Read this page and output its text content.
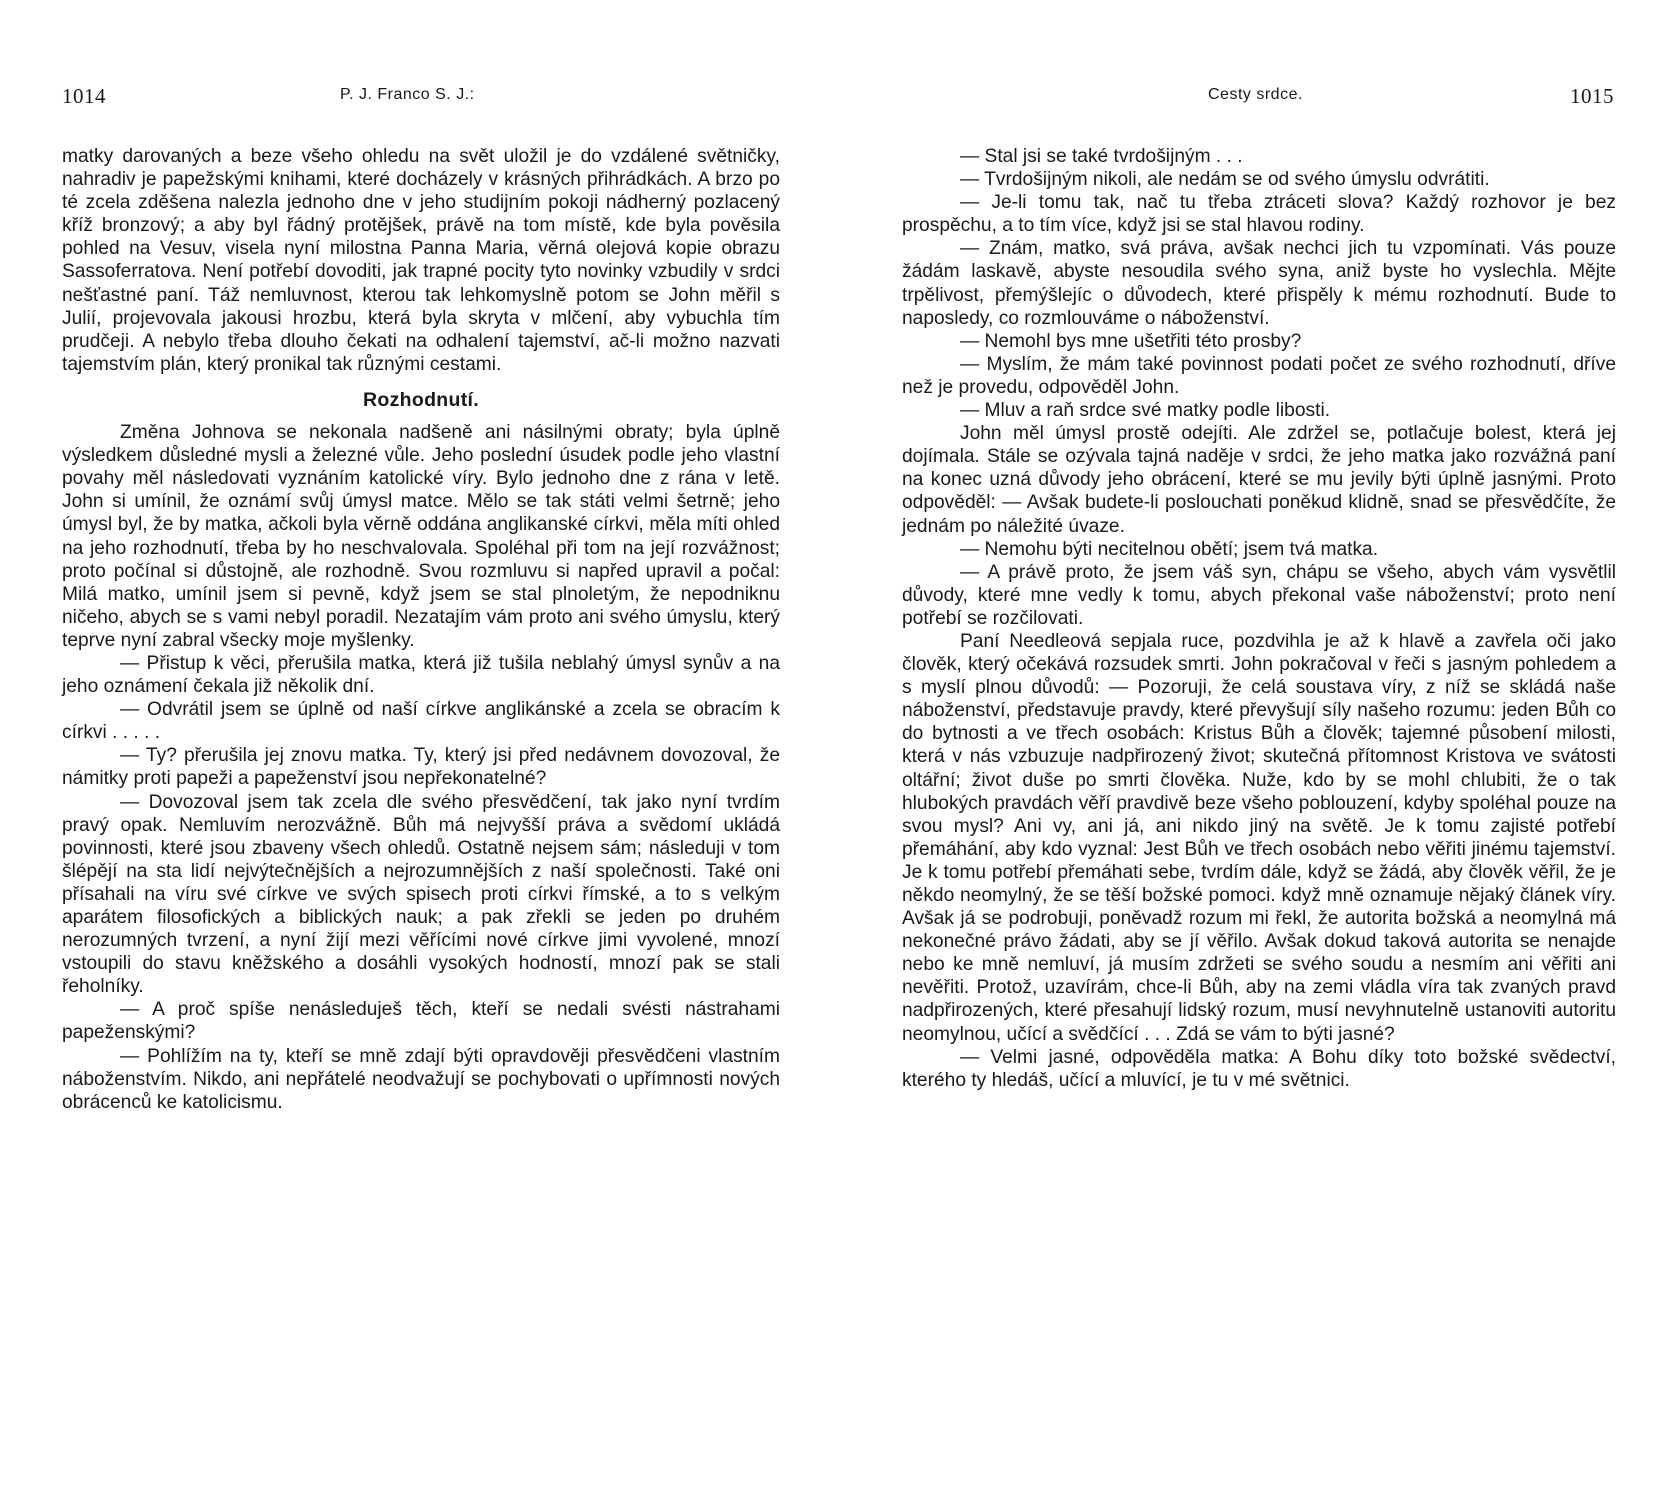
1014	P. J. Franco S. J.:

matky darovaných a beze všeho ohledu na svět uložil je do vzdálené světničky, nahradiv je papežskými knihami, které docházely v krásných přihrádkách. A brzo po té zcela zděšena nalezla jednoho dne v jeho studijním pokoji nádherný pozlacený kříž bronzový; a aby byl řádný protějšek, právě na tom místě, kde byla pověsila pohled na Vesuv, visela nyní milostna Panna Maria, věrná olejová kopie obrazu Sassoferratova. Není potřebí dovoditi, jak trapné pocity tyto novinky vzbudily v srdci nešťastné paní. Táž nemluvnost, kterou tak lehkomyslně potom se John měřil s Julií, projevovala jakousi hrozbu, která byla skryta v mlčení, aby vybuchla tím prudčeji. A nebylo třeba dlouho čekati na odhalení tajemství, ač-li možno nazvati tajemstvím plán, který pronikal tak různými cestami.

Rozhodnutí.

Změna Johnova se nekonala nadšeně ani násilnými obraty; byla úplně výsledkem důsledné mysli a železné vůle. Jeho poslední úsudek podle jeho vlastní povahy měl následovati vyznáním katolické víry. Bylo jednoho dne z rána v letě. John si umínil, že oznámí svůj úmysl matce. Mělo se tak státi velmi šetrně; jeho úmysl byl, že by matka, ačkoli byla věrně oddána anglikanské církvi, měla míti ohled na jeho rozhodnutí, třeba by ho neschvalovala. Spoléhal při tom na její rozvážnost; proto počínal si důstojně, ale rozhodně. Svou rozmluvu si napřed upravil a počal: Milá matko, umínil jsem si pevně, když jsem se stal plnoletým, že nepodniknu ničeho, abych se s vami nebyl poradil. Nezatajím vám proto ani svého úmyslu, který teprve nyní zabral všecky moje myšlenky.

— Přistup k věci, přerušila matka, která již tušila neblahý úmysl synův a na jeho oznámení čekala již několik dní.

— Odvrátil jsem se úplně od naší církve anglikánské a zcela se obracím k církvi . . . . .

— Ty? přerušila jej znovu matka. Ty, který jsi před nedávnem dovozoval, že námitky proti papeži a papeženství jsou nepřekonatelné?

— Dovozoval jsem tak zcela dle svého přesvědčení, tak jako nyní tvrdím pravý opak. Nemluvím nerozvážně. Bůh má nejvyšší práva a svědomí ukládá povinnosti, které jsou zbaveny všech ohledů. Ostatně nejsem sám; následuji v tom šlépějí na sta lidí nejvýtečnějších a nejrozumnějších z naší společnosti. Také oni přísahali na víru své církve ve svých spisech proti církvi římské, a to s velkým aparátem filosofických a biblických nauk; a pak zřekli se jeden po druhém nerozumných tvrzení, a nyní žijí mezi věřícími nové církve jimi vyvolené, mnozí vstoupili do stavu kněžského a dosáhli vysokých hodností, mnozí pak se stali řeholníky.

— A proč spíše nenásleduješ těch, kteří se nedali svésti nástrahami papeženskými?

— Pohlížím na ty, kteří se mně zdají býti opravdověji přesvědčeni vlastním náboženstvím. Nikdo, ani nepřátelé neodvažují se pochybovati o upřímnosti nových obrácenců ke katolicismu.

Cesty srdce.	1015

— Stal jsi se také tvrdošijným . . .

— Tvrdošijným nikoli, ale nedám se od svého úmyslu odvrátiti.

— Je-li tomu tak, nač tu třeba ztráceti slova? Každý rozhovor je bez prospěchu, a to tím více, když jsi se stal hlavou rodiny.

— Znám, matko, svá práva, avšak nechci jich tu vzpomínati. Vás pouze žádám laskavě, abyste nesoudila svého syna, aniž byste ho vyslechla. Mějte trpělivost, přemýšlejíc o důvodech, které přispěly k mému rozhodnutí. Bude to naposledy, co rozmlouváme o náboženství.

— Nemohl bys mne ušetřiti této prosby?

— Myslím, že mám také povinnost podati počet ze svého rozhodnutí, dříve než je provedu, odpověděl John.

— Mluv a raň srdce své matky podle libosti.

John měl úmysl prostě odejíti. Ale zdržel se, potlačuje bolest, která jej dojímala. Stále se ozývala tajná naděje v srdci, že jeho matka jako rozvážná paní na konec uzná důvody jeho obrácení, které se mu jevily býti úplně jasnými. Proto odpověděl: — Avšak budete-li poslouchati poněkud klidně, snad se přesvědčíte, že jednám po náležité úvaze.

— Nemohu býti necitelnou obětí; jsem tvá matka.

— A právě proto, že jsem váš syn, chápu se všeho, abych vám vysvětlil důvody, které mne vedly k tomu, abych překonal vaše náboženství; proto není potřebí se rozčilovati.

Paní Needleová sepjala ruce, pozdvihla je až k hlavě a zavřela oči jako člověk, který očekává rozsudek smrti. John pokračoval v řeči s jasným pohledem a s myslí plnou důvodů: — Pozoruji, že celá soustava víry, z níž se skládá naše náboženství, představuje pravdy, které převyšují síly našeho rozumu: jeden Bůh co do bytnosti a ve třech osobách: Kristus Bůh a člověk; tajemné působení milosti, která v nás vzbuzuje nadpřirozený život; skutečná přítomnost Kristova ve svátosti oltářní; život duše po smrti člověka. Nuže, kdo by se mohl chlubiti, že o tak hlubokých pravdách věří pravdivě beze všeho poblouzení, kdyby spoléhal pouze na svou mysl? Ani vy, ani já, ani nikdo jiný na světě. Je k tomu zajisté potřebí přemáhání, aby kdo vyznal: Jest Bůh ve třech osobách nebo věřiti jinému tajemství. Je k tomu potřebí přemáhati sebe, tvrdím dále, když se žádá, aby člověk věřil, že je někdo neomylný, že se těší božské pomoci. když mně oznamuje nějaký článek víry. Avšak já se podrobuji, poněvadž rozum mi řekl, že autorita božská a neomylná má nekonečné právo žádati, aby se jí věřilo. Avšak dokud taková autorita se nenajde nebo ke mně nemluví, já musím zdržeti se svého soudu a nesmím ani věřiti ani nevěřiti. Protož, uzavírám, chce-li Bůh, aby na zemi vládla víra tak zvaných pravd nadpřirozených, které přesahují lidský rozum, musí nevyhnutelně ustanoviti autoritu neomylnou, učící a svědčící . . . Zdá se vám to býti jasné?

— Velmi jasné, odpověděla matka: A Bohu díky toto božské svědectví, kterého ty hledáš, učící a mluvící, je tu v mé světnici.
